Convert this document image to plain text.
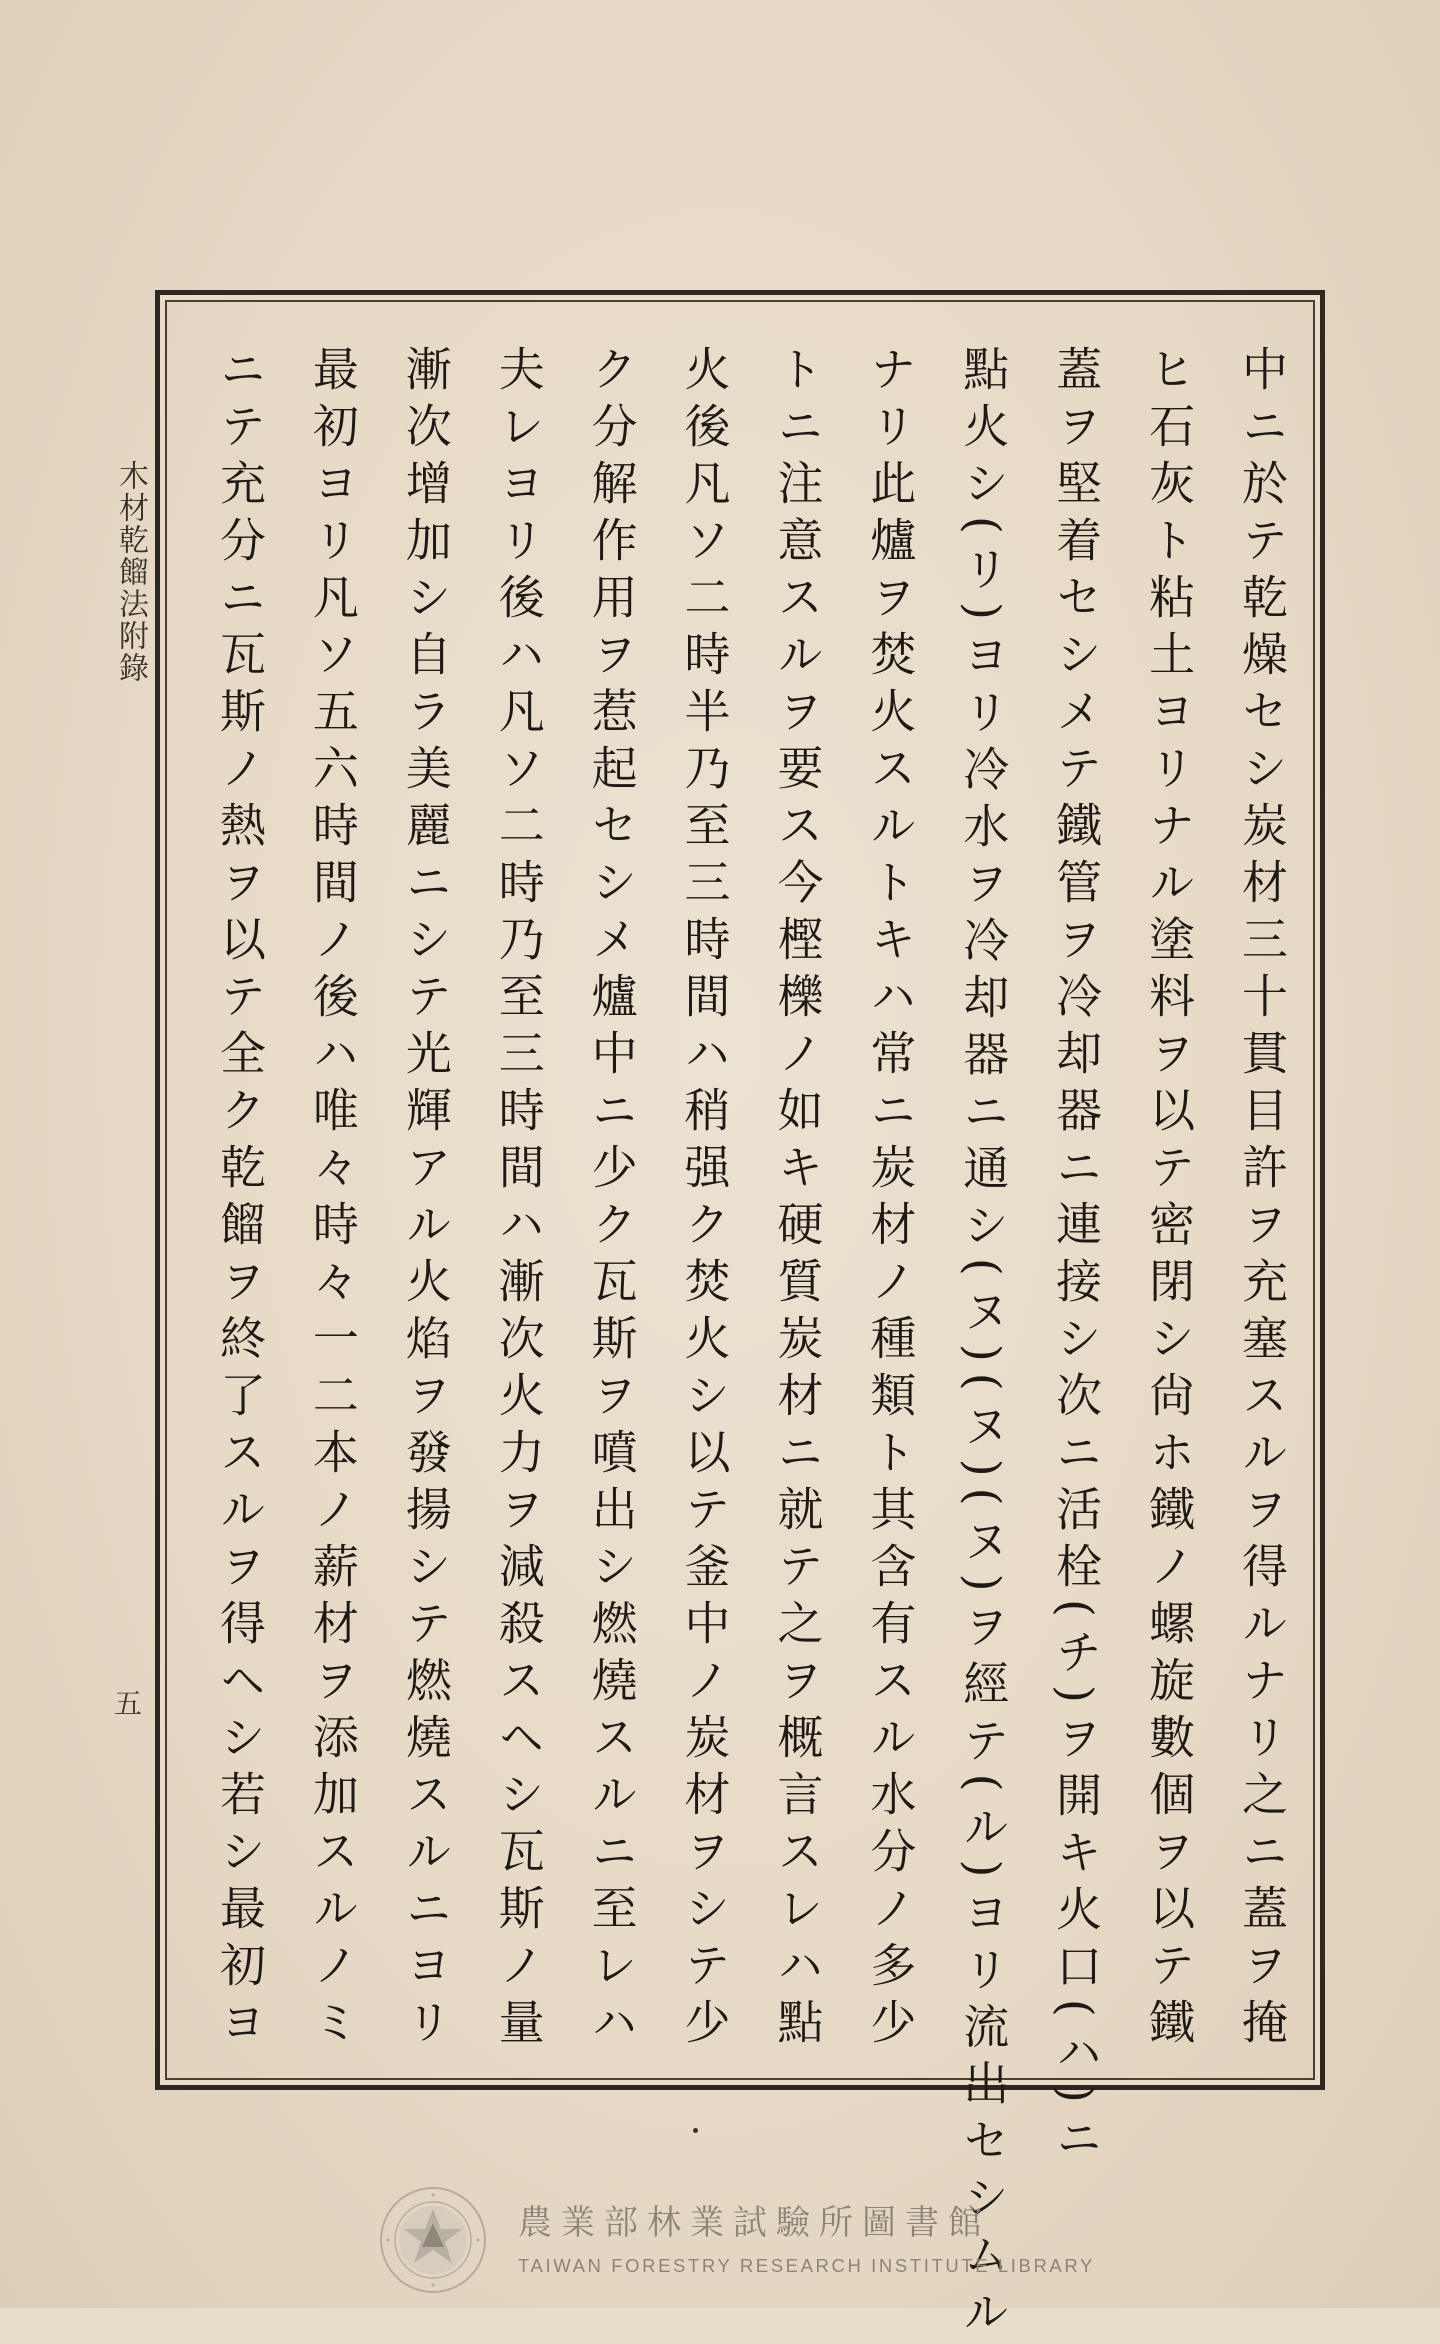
木材乾餾法附錄
五	中ニ於テ乾燥セシ炭材三十貫目許ヲ充塞スルヲ得ルナリ之ニ蓋ヲ掩
ヒ石灰ト粘土ヨリナル塗料ヲ以テ密閉シ尙ホ鐵ノ螺旋數個ヲ以テ鐵
蓋ヲ堅着セシメテ鐵管ヲ冷却器ニ連接シ次ニ活栓(チ)ヲ開キ火口(ハ)ニ
點火シ(リ)ヨリ冷水ヲ冷却器ニ通シ(ヌ)(ヌ)(ヌ)ヲ經テ(ル)ヨリ流出セシムル
ナリ此爐ヲ焚火スルトキハ常ニ炭材ノ種類ト其含有スル水分ノ多少
トニ注意スルヲ要ス今樫櫟ノ如キ硬質炭材ニ就テ之ヲ概言スレハ點
火後凡ソ二時半乃至三時間ハ稍强ク焚火シ以テ釜中ノ炭材ヲシテ少
ク分解作用ヲ惹起セシメ爐中ニ少ク瓦斯ヲ噴出シ燃燒スルニ至レハ
夫レヨリ後ハ凡ソ二時乃至三時間ハ漸次火力ヲ減殺スヘシ瓦斯ノ量
漸次增加シ自ラ美麗ニシテ光輝アル火焰ヲ發揚シテ燃燒スルニヨリ
最初ヨリ凡ソ五六時間ノ後ハ唯々時々一二本ノ薪材ヲ添加スルノミ
ニテ充分ニ瓦斯ノ熱ヲ以テ全ク乾餾ヲ終了スルヲ得ヘシ若シ最初ヨ
農業部林業試驗所圖書館
TAIWAN FORESTRY RESEARCH INSTITUTE LIBRARY
